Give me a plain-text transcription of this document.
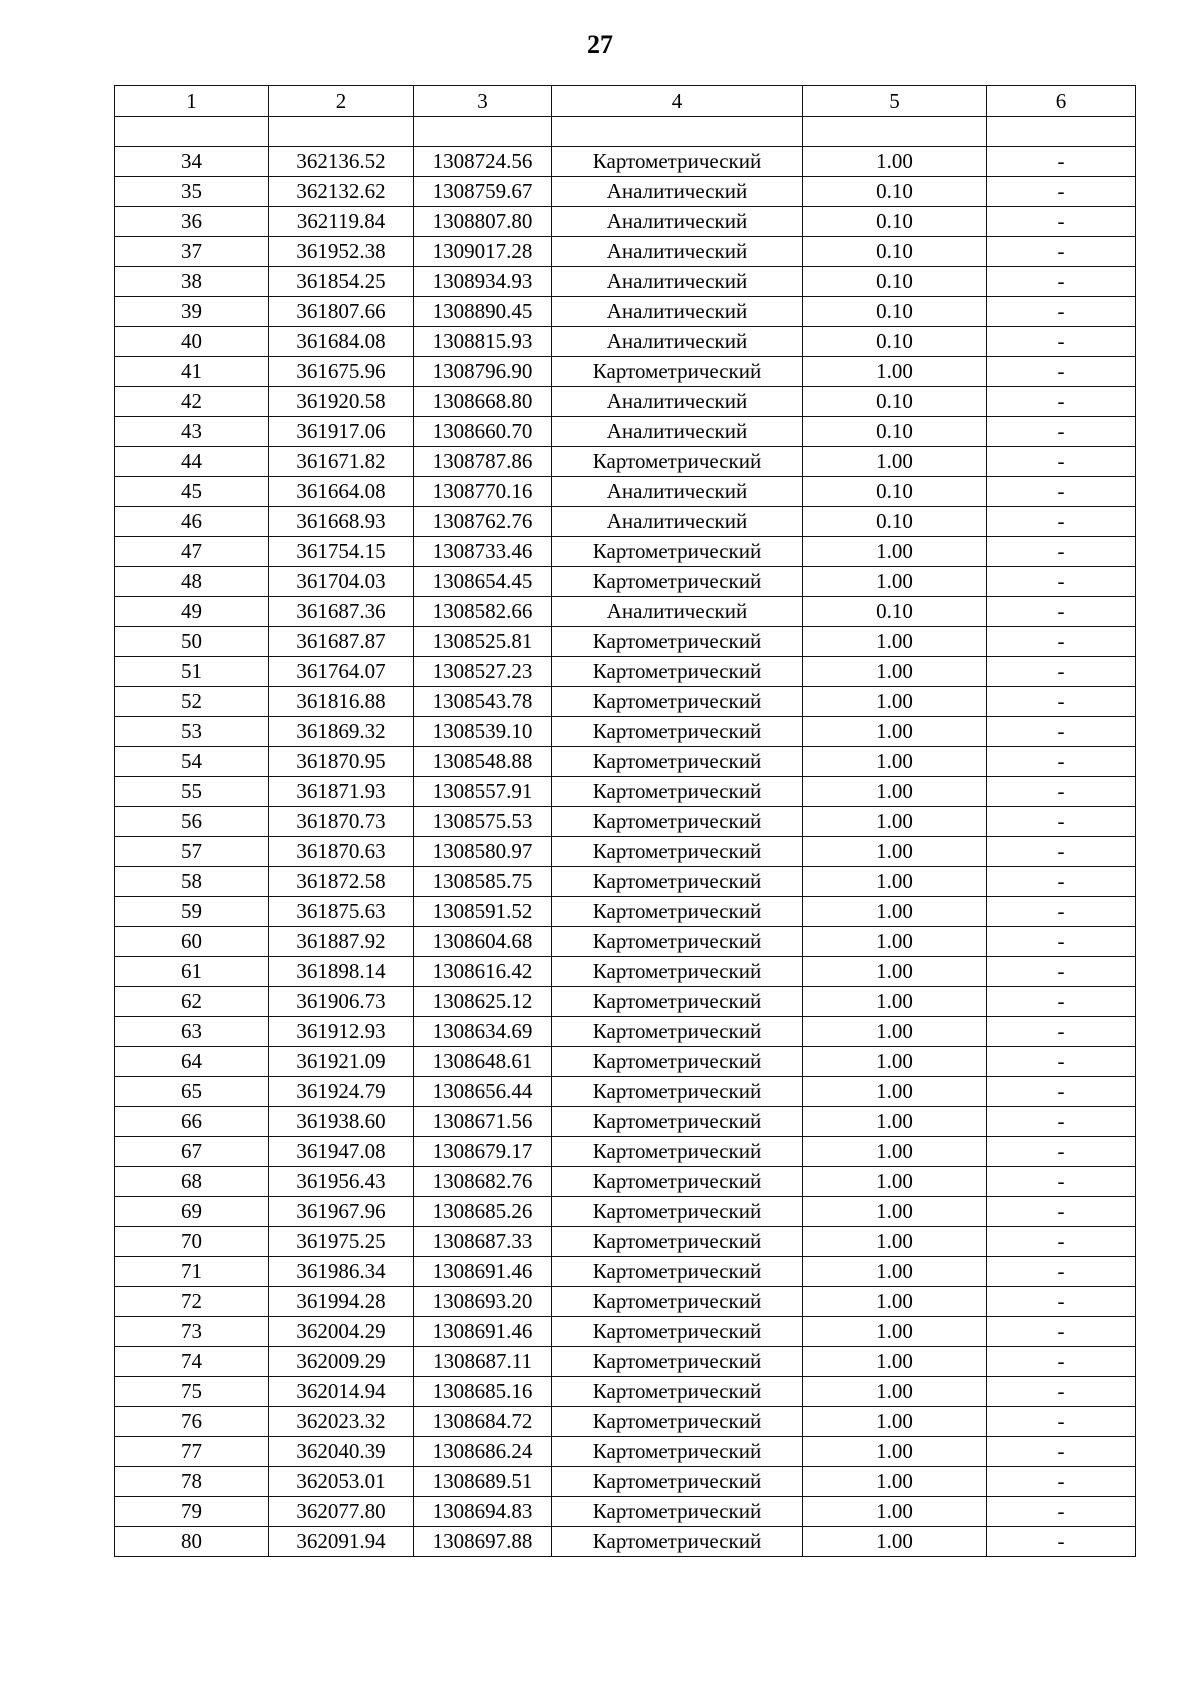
27
1	2	3	4	5	6

34	362136.52	1308724.56	Картометрический	1.00	-
35	362132.62	1308759.67	Аналитический	0.10	-
36	362119.84	1308807.80	Аналитический	0.10	-
37	361952.38	1309017.28	Аналитический	0.10	-
38	361854.25	1308934.93	Аналитический	0.10	-
39	361807.66	1308890.45	Аналитический	0.10	-
40	361684.08	1308815.93	Аналитический	0.10	-
41	361675.96	1308796.90	Картометрический	1.00	-
42	361920.58	1308668.80	Аналитический	0.10	-
43	361917.06	1308660.70	Аналитический	0.10	-
44	361671.82	1308787.86	Картометрический	1.00	-
45	361664.08	1308770.16	Аналитический	0.10	-
46	361668.93	1308762.76	Аналитический	0.10	-
47	361754.15	1308733.46	Картометрический	1.00	-
48	361704.03	1308654.45	Картометрический	1.00	-
49	361687.36	1308582.66	Аналитический	0.10	-
50	361687.87	1308525.81	Картометрический	1.00	-
51	361764.07	1308527.23	Картометрический	1.00	-
52	361816.88	1308543.78	Картометрический	1.00	-
53	361869.32	1308539.10	Картометрический	1.00	-
54	361870.95	1308548.88	Картометрический	1.00	-
55	361871.93	1308557.91	Картометрический	1.00	-
56	361870.73	1308575.53	Картометрический	1.00	-
57	361870.63	1308580.97	Картометрический	1.00	-
58	361872.58	1308585.75	Картометрический	1.00	-
59	361875.63	1308591.52	Картометрический	1.00	-
60	361887.92	1308604.68	Картометрический	1.00	-
61	361898.14	1308616.42	Картометрический	1.00	-
62	361906.73	1308625.12	Картометрический	1.00	-
63	361912.93	1308634.69	Картометрический	1.00	-
64	361921.09	1308648.61	Картометрический	1.00	-
65	361924.79	1308656.44	Картометрический	1.00	-
66	361938.60	1308671.56	Картометрический	1.00	-
67	361947.08	1308679.17	Картометрический	1.00	-
68	361956.43	1308682.76	Картометрический	1.00	-
69	361967.96	1308685.26	Картометрический	1.00	-
70	361975.25	1308687.33	Картометрический	1.00	-
71	361986.34	1308691.46	Картометрический	1.00	-
72	361994.28	1308693.20	Картометрический	1.00	-
73	362004.29	1308691.46	Картометрический	1.00	-
74	362009.29	1308687.11	Картометрический	1.00	-
75	362014.94	1308685.16	Картометрический	1.00	-
76	362023.32	1308684.72	Картометрический	1.00	-
77	362040.39	1308686.24	Картометрический	1.00	-
78	362053.01	1308689.51	Картометрический	1.00	-
79	362077.80	1308694.83	Картометрический	1.00	-
80	362091.94	1308697.88	Картометрический	1.00	-
